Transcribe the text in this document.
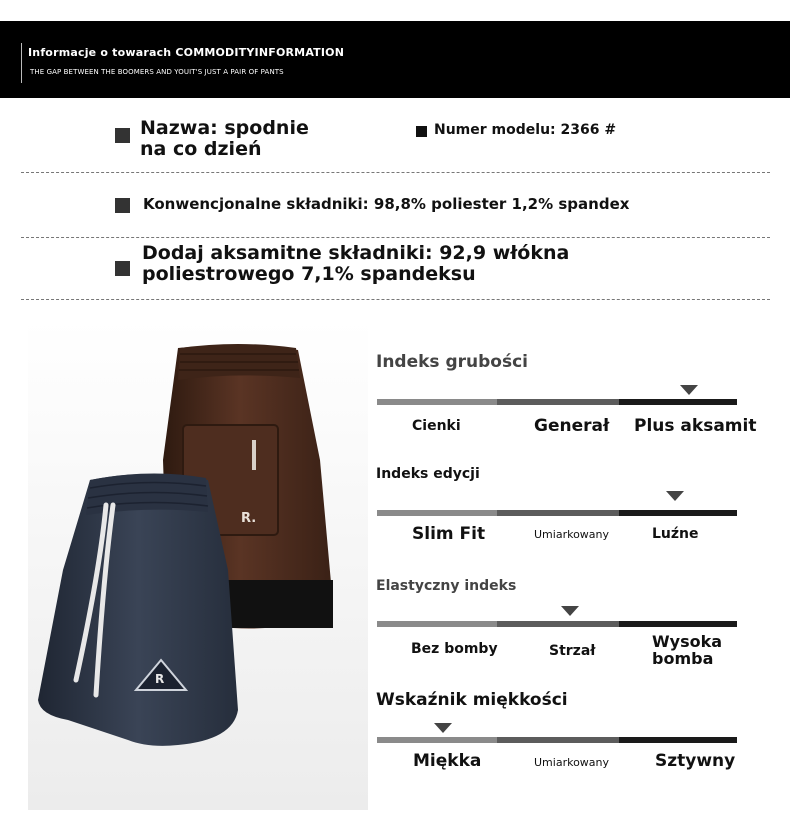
Informacje o towarach COMMODITYINFORMATION
THE GAP BETWEEN THE BOOMERS AND YOUIT'S JUST A PAIR OF PANTS
Nazwa: spodnie na co dzień
Numer modelu: 2366 #
Konwencjonalne składniki: 98,8% poliester 1,2% spandex
Dodaj aksamitne składniki: 92,9 włókna poliestrowego 7,1% spandeksu
R.
R
Indeks grubości
Cienki	Generał Plus aksamit
Indeks edycji
Slim Fit	Umiarkowany	Luźne
Elastyczny indeks
Bez bomby	Strzał	Wysoka bomba
Wskaźnik miękkości
Miękka	Umiarkowany	Sztywny
